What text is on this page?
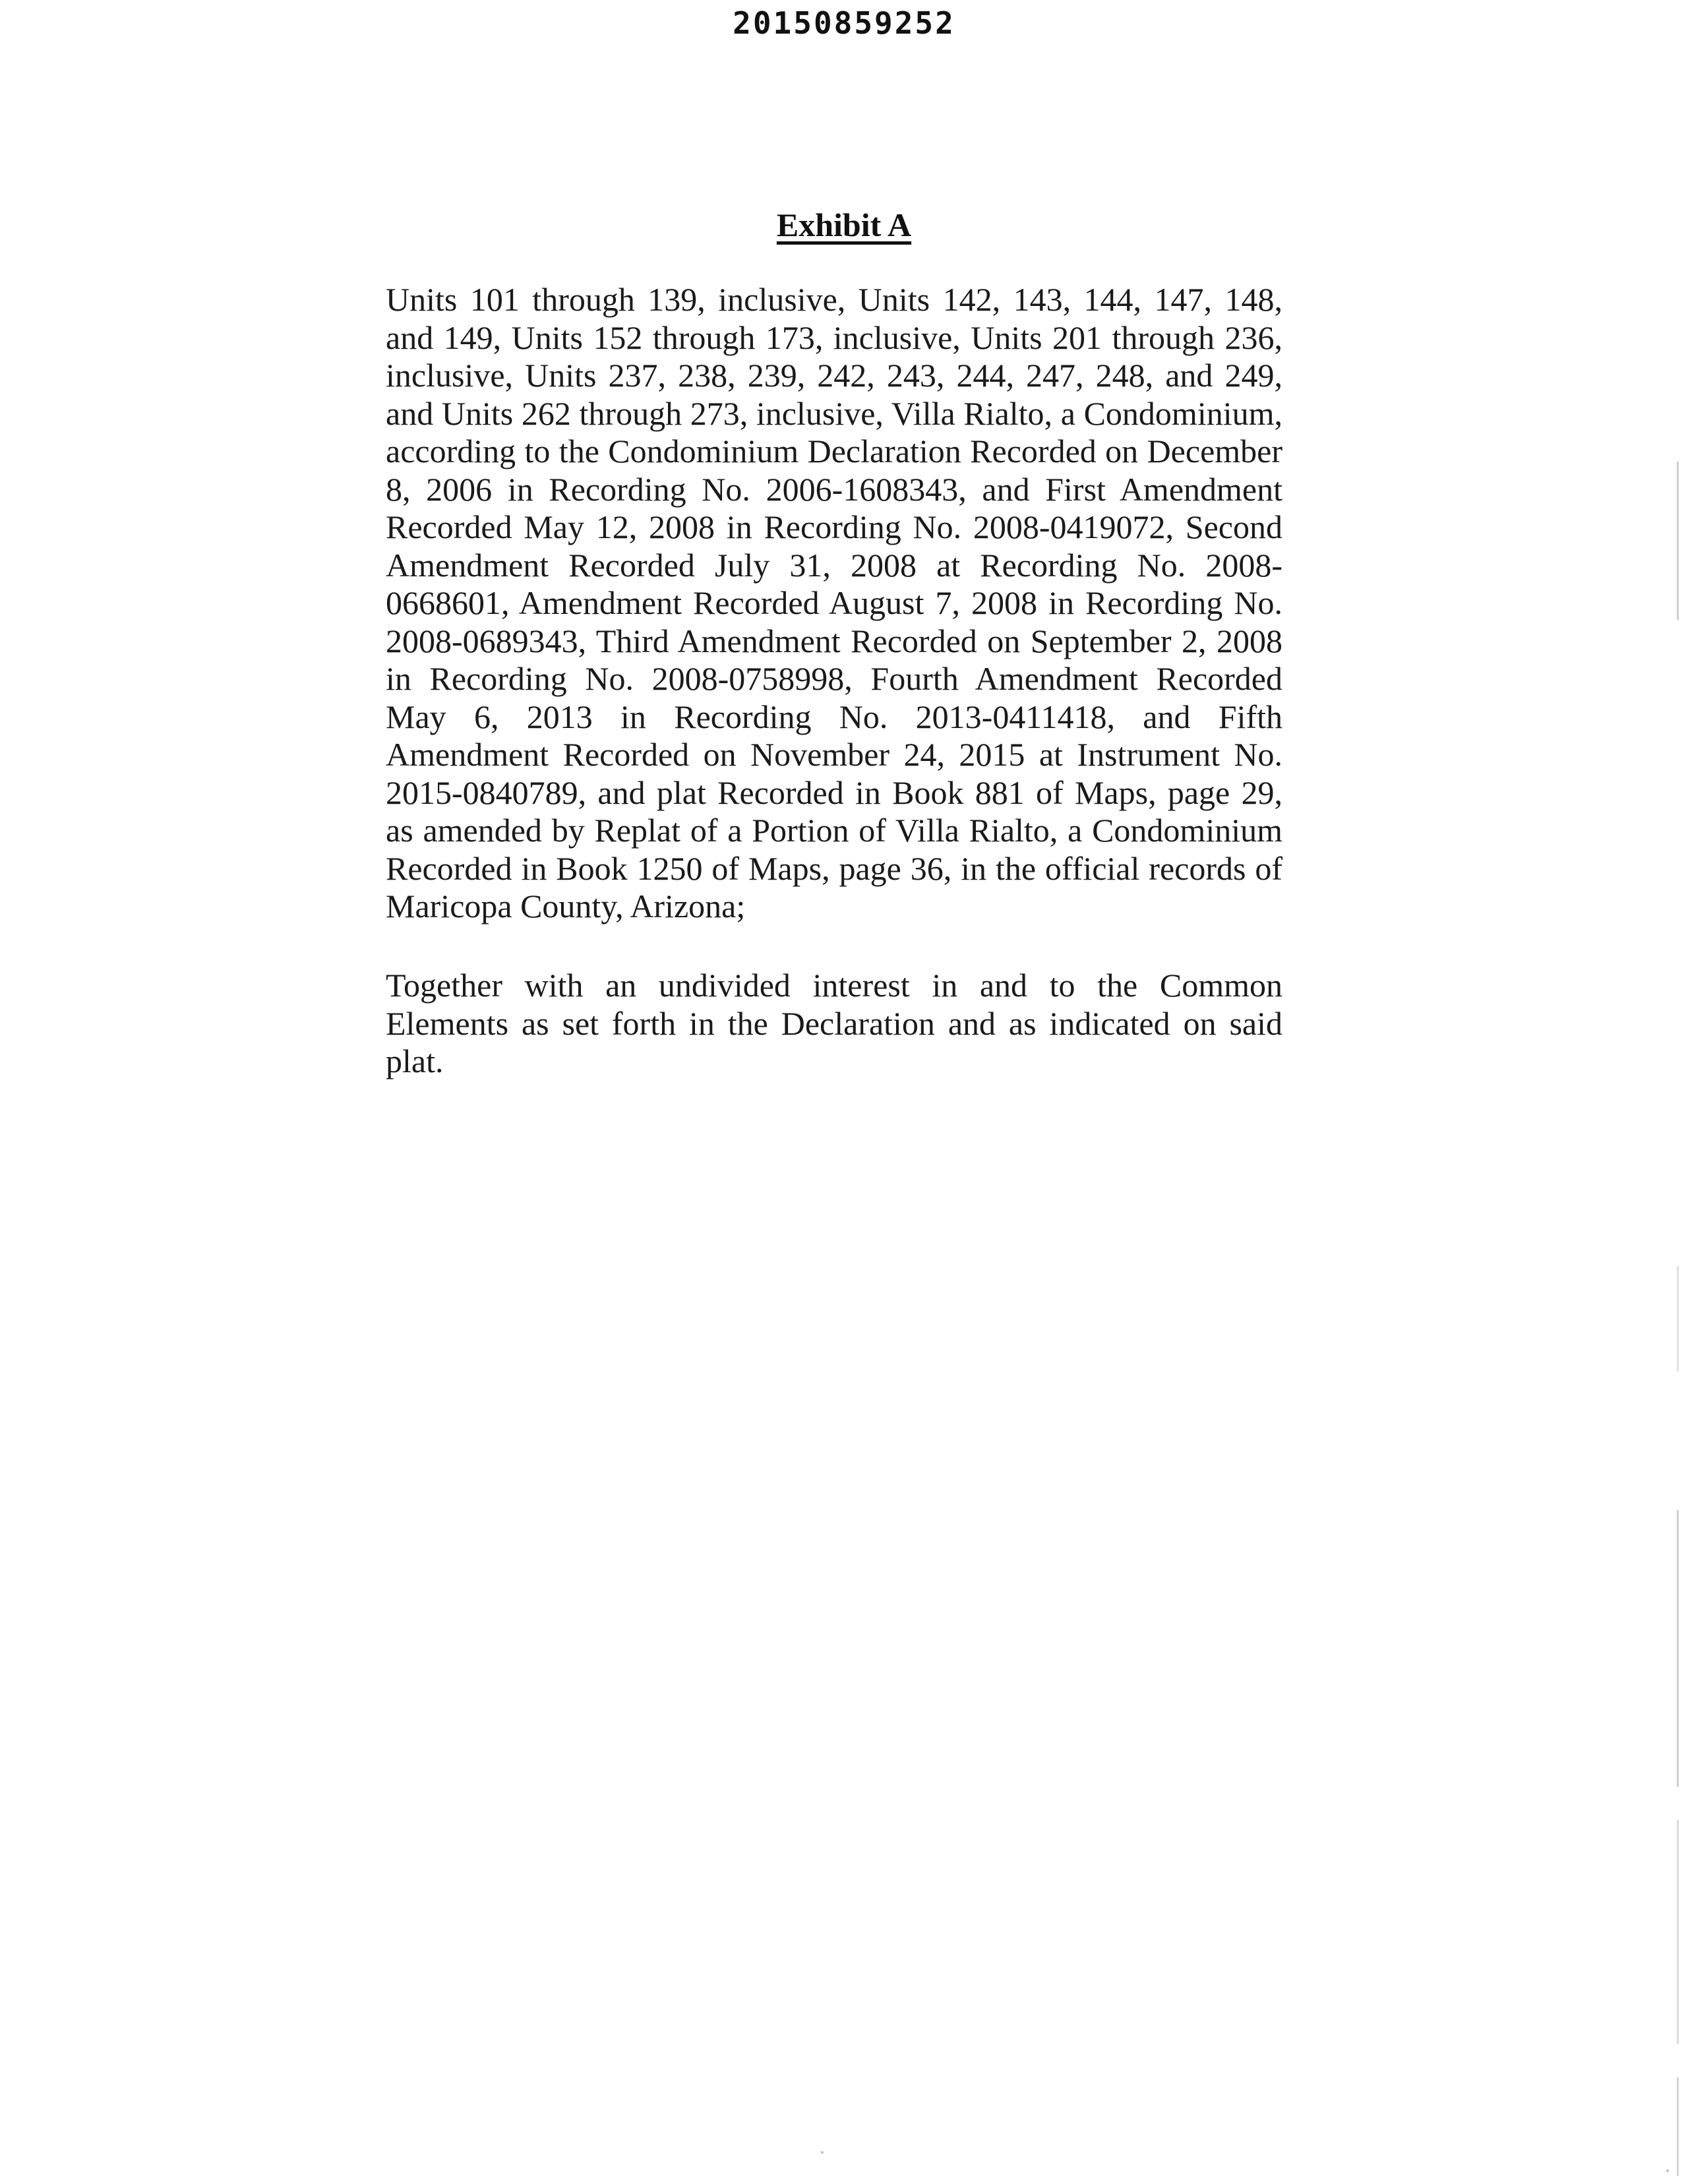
20150859252
Exhibit A

Units 101 through 139, inclusive, Units 142, 143, 144, 147, 148, and 149, Units 152 through 173, inclusive, Units 201 through 236, inclusive, Units 237, 238, 239, 242, 243, 244, 247, 248, and 249, and Units 262 through 273, inclusive, Villa Rialto, a Condominium, according to the Condominium Declaration Recorded on December 8, 2006 in Recording No. 2006-1608343, and First Amendment Recorded May 12, 2008 in Recording No. 2008-0419072, Second Amendment Recorded July 31, 2008 at Recording No. 2008-0668601, Amendment Recorded August 7, 2008 in Recording No. 2008-0689343, Third Amendment Recorded on September 2, 2008 in Recording No. 2008-0758998, Fourth Amendment Recorded May 6, 2013 in Recording No. 2013-0411418, and Fifth Amendment Recorded on November 24, 2015 at Instrument No. 2015-0840789, and plat Recorded in Book 881 of Maps, page 29, as amended by Replat of a Portion of Villa Rialto, a Condominium Recorded in Book 1250 of Maps, page 36, in the official records of Maricopa County, Arizona;

Together with an undivided interest in and to the Common Elements as set forth in the Declaration and as indicated on said plat.
